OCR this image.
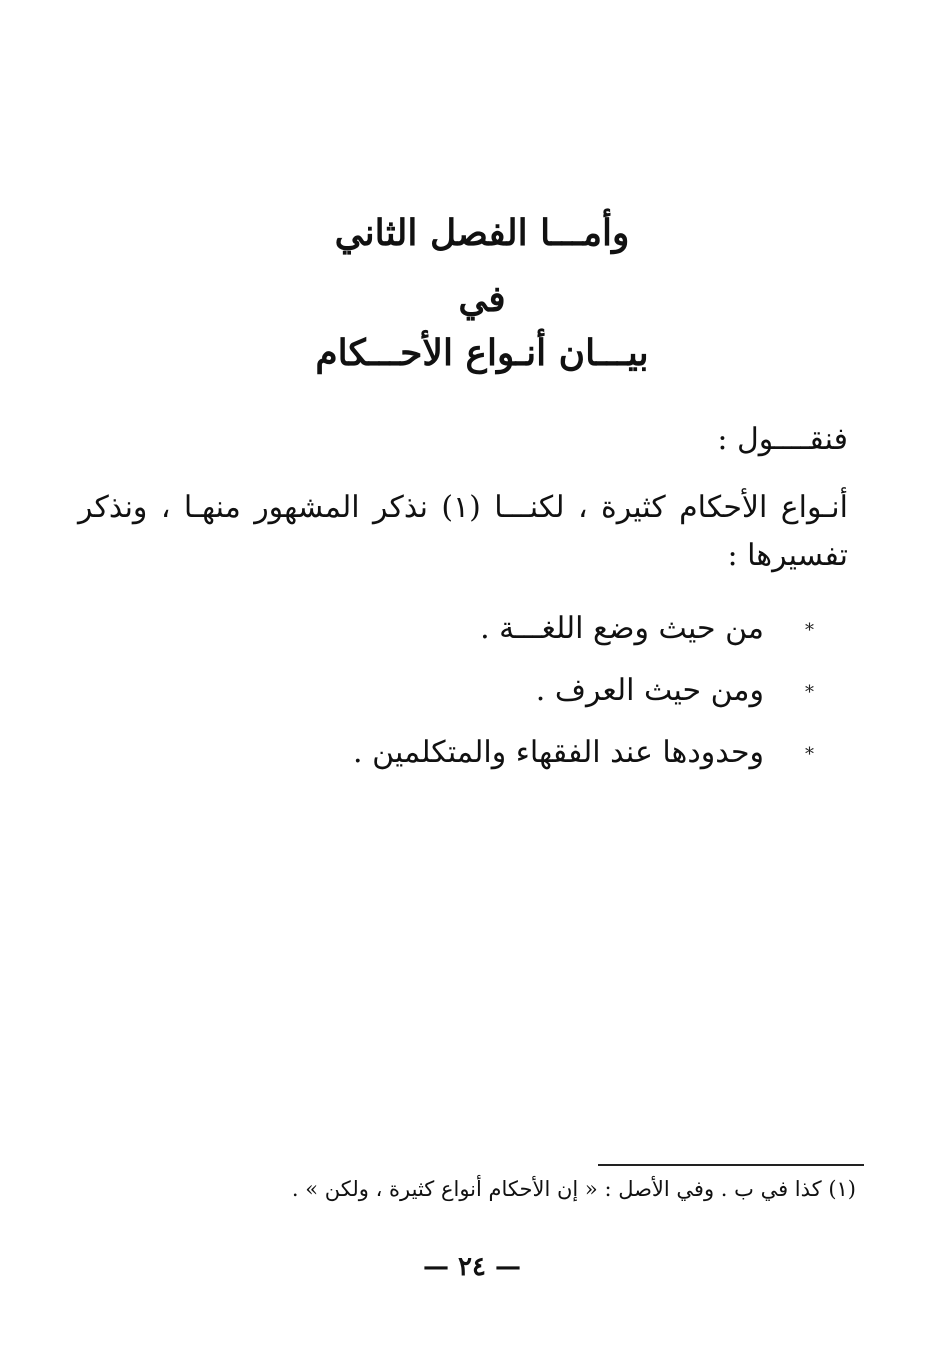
وأمـــا الفصل الثاني

في

بيـــان أنـواع الأحـــكام

فنقــــول :
أنـواع الأحكام كثيرة ، لكنـــا (١) نذكر المشهور منهـا ، ونذكر تفسيرها :
*
من حيث وضع اللغـــة .
*
ومن حيث العرف .
*
وحدودها عند الفقهاء والمتكلمين .
(١) كذا في ب . وفي الأصل : « إن الأحكام أنواع كثيرة ، ولكن » .
— ٢٤ —
